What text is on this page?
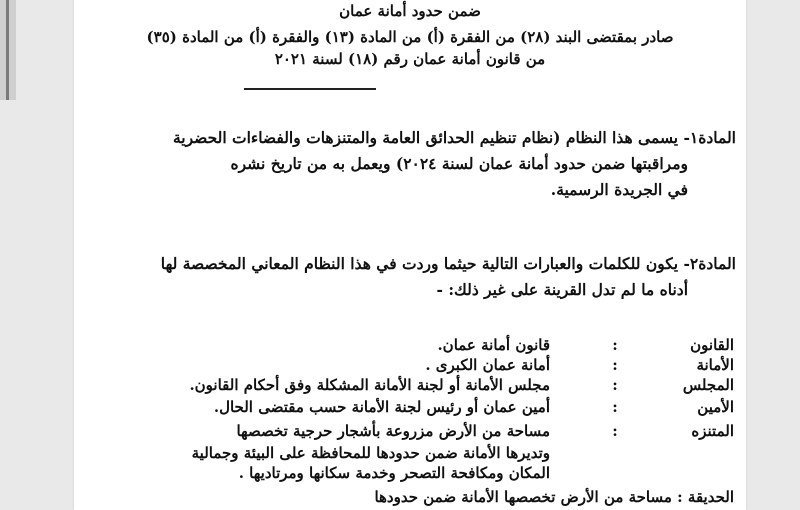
ضمن حدود أمانة عمان
صادر بمقتضى البند (٢٨) من الفقرة (أ) من المادة (١٣) والفقرة (أ) من المادة (٣٥)
من قانون أمانة عمان رقم (١٨) لسنة ٢٠٢١
المادة١- يسمى هذا النظام (نظام تنظيم الحدائق العامة والمتنزهات والفضاءات الحضرية
ومراقبتها ضمن حدود أمانة عمان لسنة ٢٠٢٤) ويعمل به من تاريخ نشره
في الجريدة الرسمية.
المادة٢- يكون للكلمات والعبارات التالية حيثما وردت في هذا النظام المعاني المخصصة لها
أدناه ما لم تدل القرينة على غير ذلك: -
القانون
:
قانون أمانة عمان.
الأمانة
:
أمانة عمان الكبرى .
المجلس
:
مجلس الأمانة أو لجنة الأمانة المشكلة وفق أحكام القانون.
الأمين
:
أمين عمان أو رئيس لجنة الأمانة حسب مقتضى الحال.
المتنزه
:
مساحة من الأرض مزروعة بأشجار حرجية تخصصها
وتديرها الأمانة ضمن حدودها للمحافظة على البيئة وجمالية
المكان ومكافحة التصحر وخدمة سكانها ومرتاديها .
الحديقة : مساحة من الأرض تخصصها الأمانة ضمن حدودها
